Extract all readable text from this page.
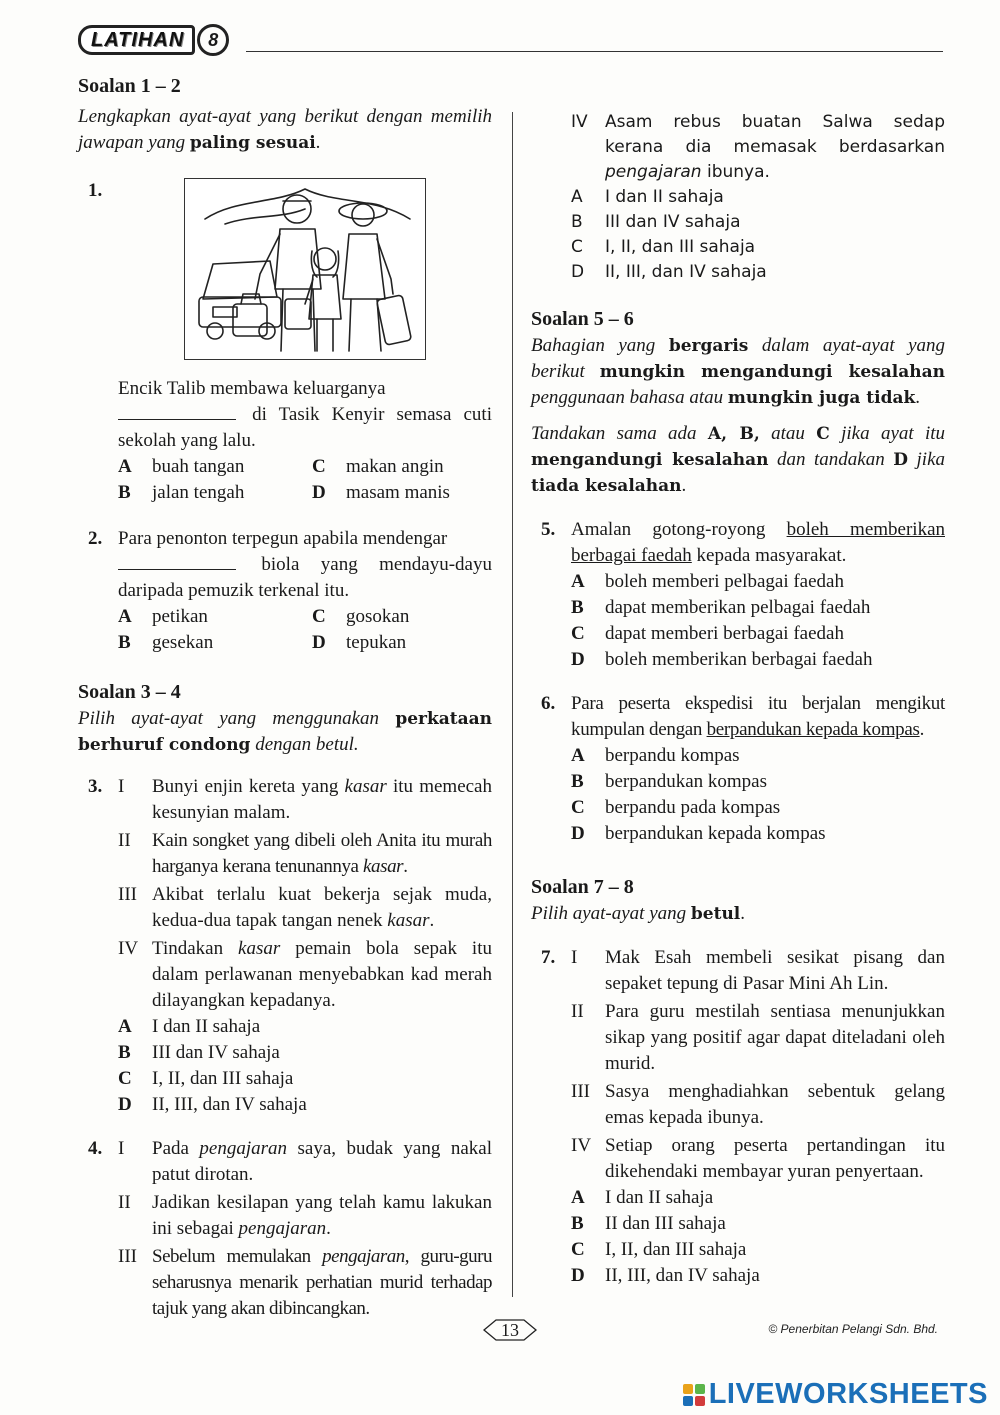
LATIHAN	8
Soalan 1 – 2

Lengkapkan ayat-ayat yang berikut dengan memilih jawapan yang paling sesuai.

1.

Encik Talib membawa keluarganya
di Tasik Kenyir semasa cuti sekolah yang lalu.

A	buah tangan	C	makan angin
B	jalan tengah	D	masam manis
2. Para penonton terpegun apabila mendengar
biola yang mendayu-dayu daripada pemuzik terkenal itu.

A	petikan	C	gosokan
B	gesekan	D	tepukan
Soalan 3 – 4

Pilih ayat-ayat yang menggunakan perkataan berhuruf condong dengan betul.

3. I	Bunyi enjin kereta yang kasar itu memecah kesunyian malam.

II	Kain songket yang dibeli oleh Anita itu murah harganya kerana tenunannya kasar.

III Akibat terlalu kuat bekerja sejak muda, kedua-dua tapak tangan nenek kasar.

IV Tindakan kasar pemain bola sepak itu dalam perlawanan menyebabkan kad merah dilayangkan kepadanya.

A	I dan II sahaja
B	III dan IV sahaja
C	I, II, dan III sahaja
D	II, III, dan IV sahaja
4. I	Pada pengajaran saya, budak yang nakal patut dirotan.

II	Jadikan kesilapan yang telah kamu lakukan ini sebagai pengajaran.

III Sebelum memulakan pengajaran, guru-guru seharusnya menarik perhatian murid terhadap tajuk yang akan dibincangkan.

IV	Asam rebus buatan Salwa sedap kerana dia memasak berdasarkan pengajaran ibunya.

A	I dan II sahaja
B	III dan IV sahaja
C	I, II, dan III sahaja
D	II, III, dan IV sahaja
Soalan 5 – 6

Bahagian yang bergaris dalam ayat-ayat yang berikut mungkin mengandungi kesalahan penggunaan bahasa atau mungkin juga tidak.

Tandakan sama ada A, B, atau C jika ayat itu mengandungi kesalahan dan tandakan D jika tiada kesalahan.

5. Amalan gotong-royong boleh memberikan berbagai faedah kepada masyarakat.

A	boleh memberi pelbagai faedah
B	dapat memberikan pelbagai faedah
C	dapat memberi berbagai faedah
D	boleh memberikan berbagai faedah
6. Para peserta ekspedisi itu berjalan mengikut kumpulan dengan berpandukan kepada kompas.

A	berpandu kompas
B	berpandukan kompas
C	berpandu pada kompas
D	berpandukan kepada kompas
Soalan 7 – 8

Pilih ayat-ayat yang betul.

7. I	Mak Esah membeli sesikat pisang dan sepaket tepung di Pasar Mini Ah Lin.

II	Para guru mestilah sentiasa menunjukkan sikap yang positif agar dapat diteladani oleh murid.

III Sasya menghadiahkan sebentuk gelang emas kepada ibunya.

IV Setiap orang peserta pertandingan itu dikehendaki membayar yuran penyertaan.

A	I dan II sahaja
B	II dan III sahaja
C	I, II, dan III sahaja
D	II, III, dan IV sahaja
13	© Penerbitan Pelangi Sdn. Bhd.
LIVEWORKSHEETS
